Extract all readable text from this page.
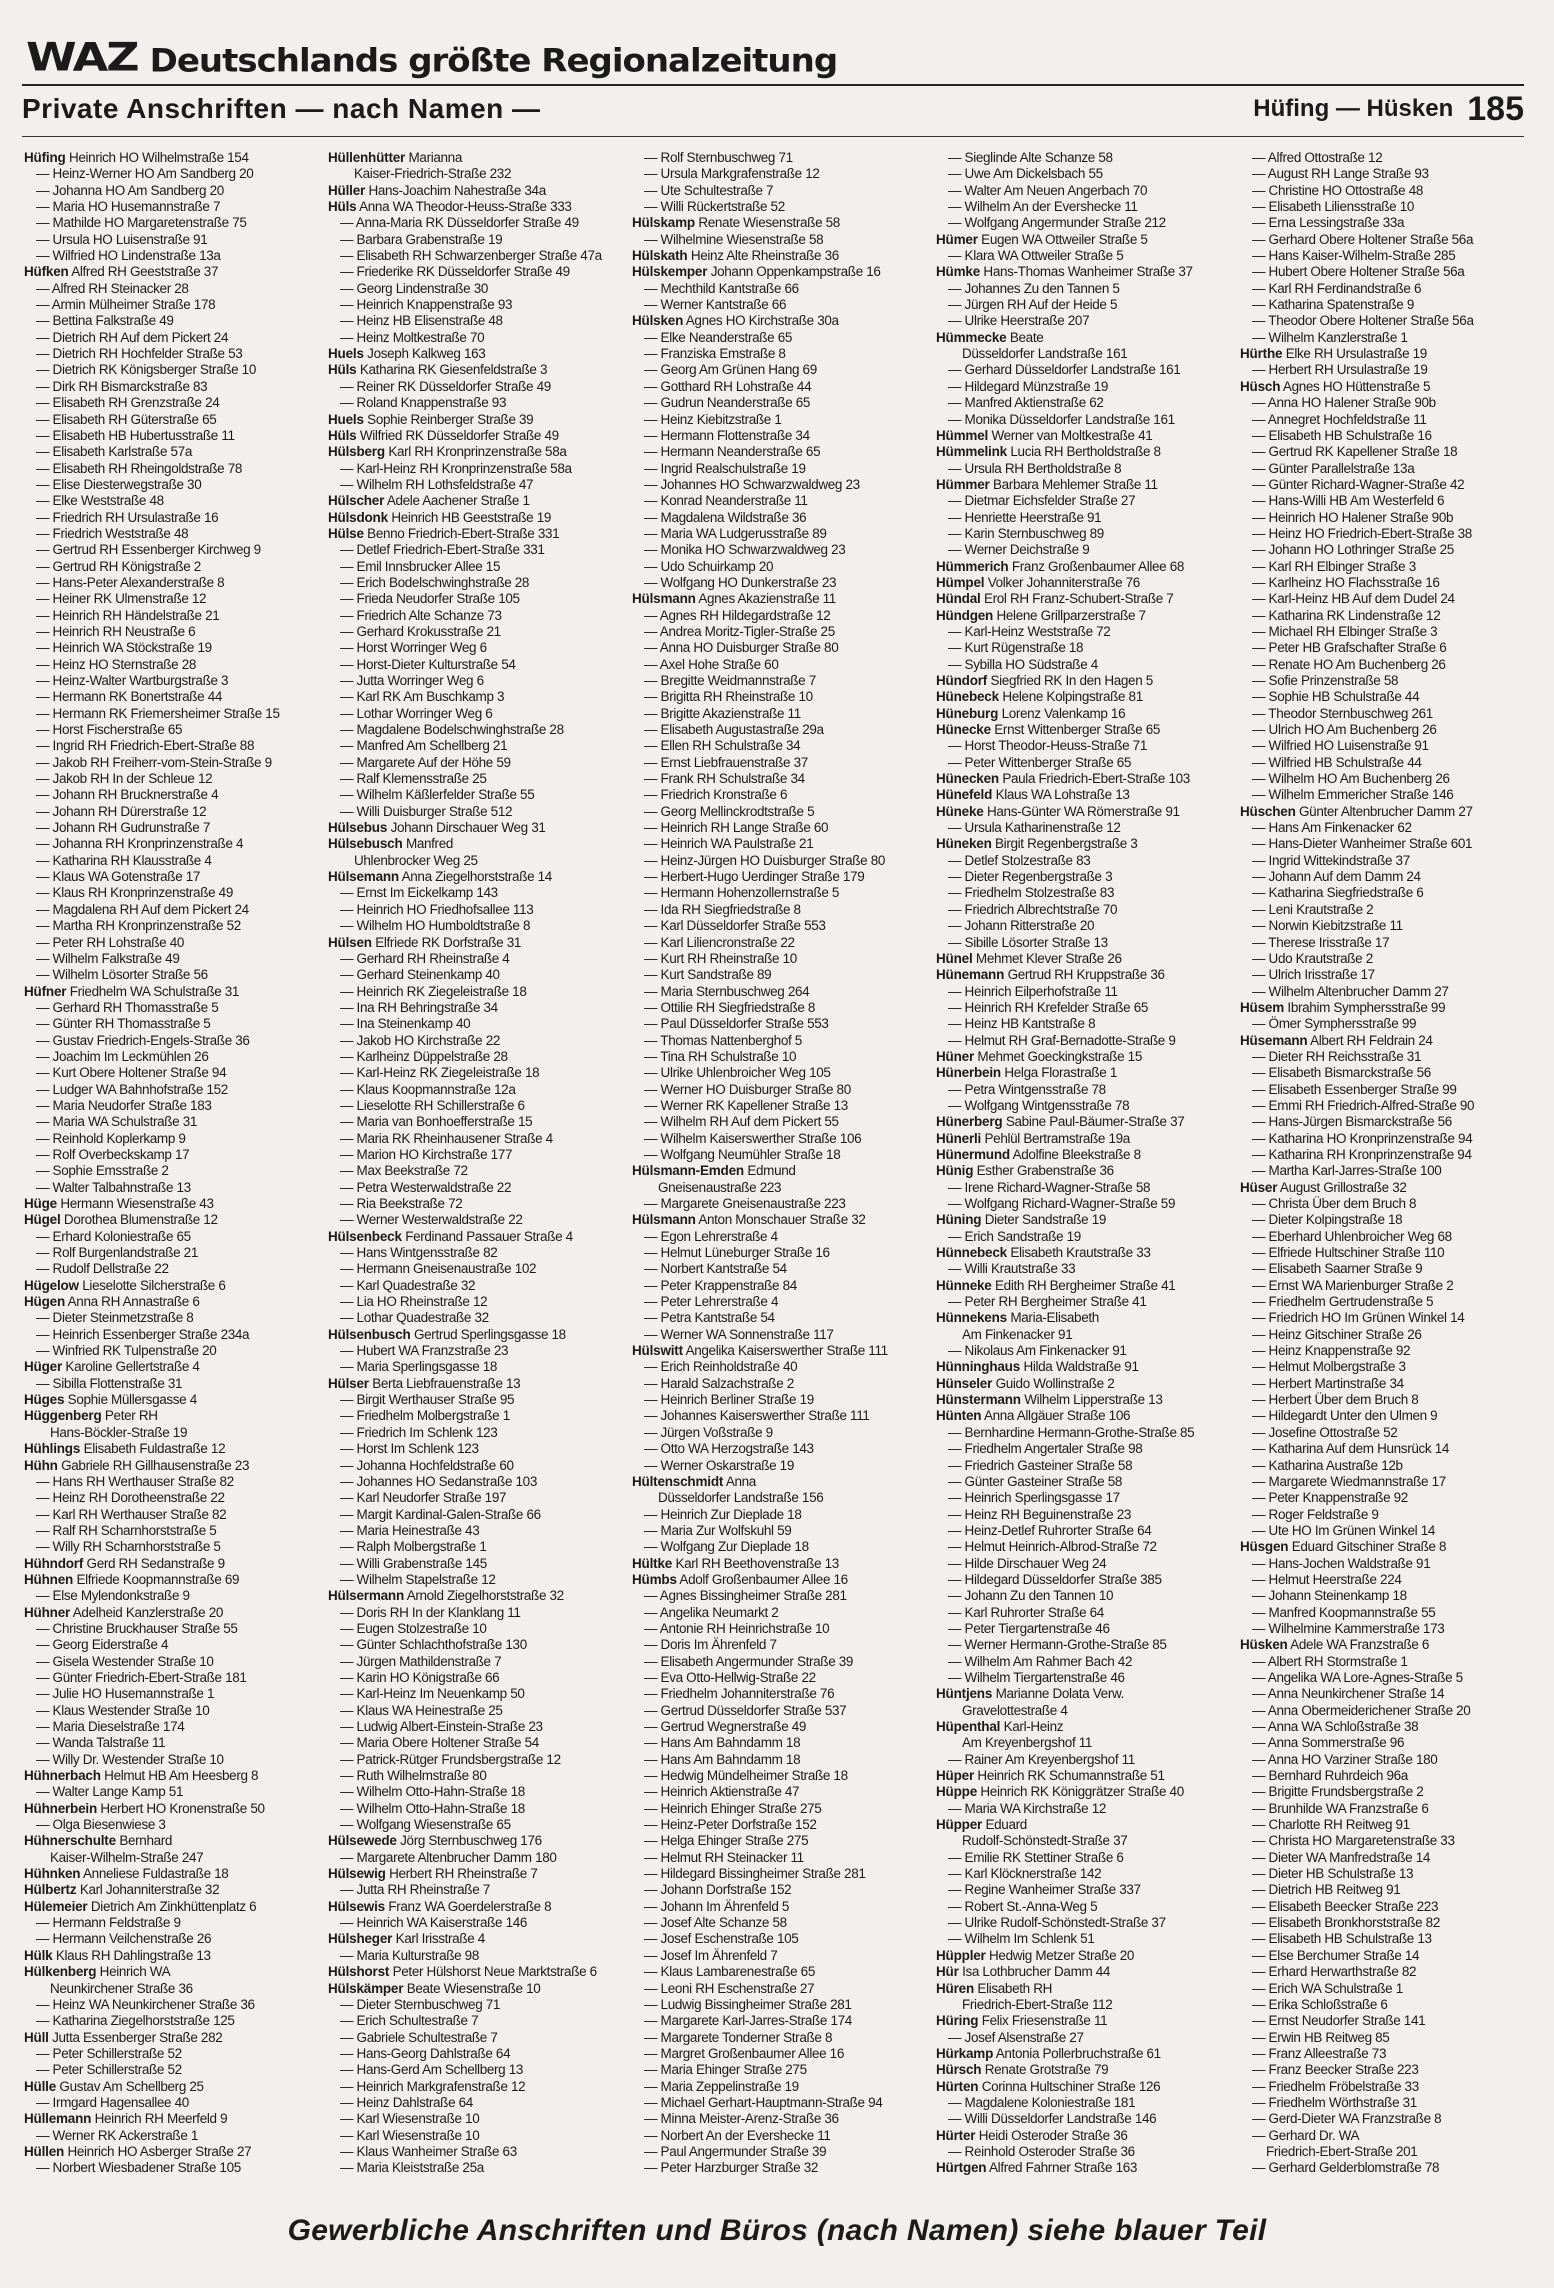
WAZ Deutschlands größte Regionalzeitung
Private Anschriften — nach Namen —	Hüfing — Hüsken 185
Hüfing Heinrich HO Wilhelmstraße 154
— Heinz-Werner HO Am Sandberg 20
— Johanna HO Am Sandberg 20
— Maria HO Husemannstraße 7
— Mathilde HO Margaretenstraße 75
— Ursula HO Luisenstraße 91
— Wilfried HO Lindenstraße 13a
Hüfken Alfred RH Geeststraße 37
— Alfred RH Steinacker 28
— Armin Mülheimer Straße 178
— Bettina Falkstraße 49
— Dietrich RH Auf dem Pickert 24
— Dietrich RH Hochfelder Straße 53
— Dietrich RK Königsberger Straße 10
— Dirk RH Bismarckstraße 83
— Elisabeth RH Grenzstraße 24
— Elisabeth RH Güterstraße 65
— Elisabeth HB Hubertusstraße 11
— Elisabeth Karlstraße 57a
— Elisabeth RH Rheingoldstraße 78
— Elise Diesterwegstraße 30
— Elke Weststraße 48
— Friedrich RH Ursulastraße 16
— Friedrich Weststraße 48
— Gertrud RH Essenberger Kirchweg 9
— Gertrud RH Königstraße 2
— Hans-Peter Alexanderstraße 8
— Heiner RK Ulmenstraße 12
— Heinrich RH Händelstraße 21
— Heinrich RH Neustraße 6
— Heinrich WA Stöckstraße 19
— Heinz HO Sternstraße 28
— Heinz-Walter Wartburgstraße 3
— Hermann RK Bonertstraße 44
— Hermann RK Friemersheimer Straße 15
— Horst Fischerstraße 65
— Ingrid RH Friedrich-Ebert-Straße 88
— Jakob RH Freiherr-vom-Stein-Straße 9
— Jakob RH In der Schleue 12
— Johann RH Brucknerstraße 4
— Johann RH Dürerstraße 12
— Johann RH Gudrunstraße 7
— Johanna RH Kronprinzenstraße 4
— Katharina RH Klausstraße 4
— Klaus WA Gotenstraße 17
— Klaus RH Kronprinzenstraße 49
— Magdalena RH Auf dem Pickert 24
— Martha RH Kronprinzenstraße 52
— Peter RH Lohstraße 40
— Wilhelm Falkstraße 49
— Wilhelm Lösorter Straße 56
Hüfner Friedhelm WA Schulstraße 31
— Gerhard RH Thomasstraße 5
— Günter RH Thomasstraße 5
— Gustav Friedrich-Engels-Straße 36
— Joachim Im Leckmühlen 26
— Kurt Obere Holtener Straße 94
— Ludger WA Bahnhofstraße 152
— Maria Neudorfer Straße 183
— Maria WA Schulstraße 31
— Reinhold Koplerkamp 9
— Rolf Overbeckskamp 17
— Sophie Emsstraße 2
— Walter Talbahnstraße 13
Hüge Hermann Wiesenstraße 43
Hügel Dorothea Blumenstraße 12
— Erhard Koloniestraße 65
— Rolf Burgenlandstraße 21
— Rudolf Dellstraße 22
Hügelow Lieselotte Silcherstraße 6
Hügen Anna RH Annastraße 6
— Dieter Steinmetzstraße 8
— Heinrich Essenberger Straße 234a
— Winfried RK Tulpenstraße 20
Hüger Karoline Gellertstraße 4
— Sibilla Flottenstraße 31
Hüges Sophie Müllersgasse 4
Hüggenberg Peter RH
Hans-Böckler-Straße 19
Hühlings Elisabeth Fuldastraße 12
Hühn Gabriele RH Gillhausenstraße 23
— Hans RH Werthauser Straße 82
— Heinz RH Dorotheenstraße 22
— Karl RH Werthauser Straße 82
— Ralf RH Scharnhorststraße 5
— Willy RH Scharnhorststraße 5
Hühndorf Gerd RH Sedanstraße 9
Hühnen Elfriede Koopmannstraße 69
— Else Mylendonkstraße 9
Hühner Adelheid Kanzlerstraße 20
— Christine Bruckhauser Straße 55
— Georg Eiderstraße 4
— Gisela Westender Straße 10
— Günter Friedrich-Ebert-Straße 181
— Julie HO Husemannstraße 1
— Klaus Westender Straße 10
— Maria Dieselstraße 174
— Wanda Talstraße 11
— Willy Dr. Westender Straße 10
Hühnerbach Helmut HB Am Heesberg 8
— Walter Lange Kamp 51
Hühnerbein Herbert HO Kronenstraße 50
— Olga Biesenwiese 3
Hühnerschulte Bernhard
Kaiser-Wilhelm-Straße 247
Hühnken Anneliese Fuldastraße 18
Hülbertz Karl Johanniterstraße 32
Hülemeier Dietrich Am Zinkhüttenplatz 6
— Hermann Feldstraße 9
— Hermann Veilchenstraße 26
Hülk Klaus RH Dahlingstraße 13
Hülkenberg Heinrich WA
Neunkirchener Straße 36
— Heinz WA Neunkirchener Straße 36
— Katharina Ziegelhorststraße 125
Hüll Jutta Essenberger Straße 282
— Peter Schillerstraße 52
— Peter Schillerstraße 52
Hülle Gustav Am Schellberg 25
— Irmgard Hagensallee 40
Hüllemann Heinrich RH Meerfeld 9
— Werner RK Ackerstraße 1
Hüllen Heinrich HO Asberger Straße 27
— Norbert Wiesbadener Straße 105
Hüllenhütter Marianna
Kaiser-Friedrich-Straße 232
Hüller Hans-Joachim Nahestraße 34a
Hüls Anna WA Theodor-Heuss-Straße 333
— Anna-Maria RK Düsseldorfer Straße 49
— Barbara Grabenstraße 19
— Elisabeth RH Schwarzenberger Straße 47a
— Friederike RK Düsseldorfer Straße 49
— Georg Lindenstraße 30
— Heinrich Knappenstraße 93
— Heinz HB Elisenstraße 48
— Heinz Moltkestraße 70
Huels Joseph Kalkweg 163
Hüls Katharina RK Giesenfeldstraße 3
— Reiner RK Düsseldorfer Straße 49
— Roland Knappenstraße 93
Huels Sophie Reinberger Straße 39
Hüls Wilfried RK Düsseldorfer Straße 49
Hülsberg Karl RH Kronprinzenstraße 58a
— Karl-Heinz RH Kronprinzenstraße 58a
— Wilhelm RH Lothsfeldstraße 47
Hülscher Adele Aachener Straße 1
Hülsdonk Heinrich HB Geeststraße 19
Hülse Benno Friedrich-Ebert-Straße 331
— Detlef Friedrich-Ebert-Straße 331
— Emil Innsbrucker Allee 15
— Erich Bodelschwinghstraße 28
— Frieda Neudorfer Straße 105
— Friedrich Alte Schanze 73
— Gerhard Krokusstraße 21
— Horst Worringer Weg 6
— Horst-Dieter Kulturstraße 54
— Jutta Worringer Weg 6
— Karl RK Am Buschkamp 3
— Lothar Worringer Weg 6
— Magdalene Bodelschwinghstraße 28
— Manfred Am Schellberg 21
— Margarete Auf der Höhe 59
— Ralf Klemensstraße 25
— Wilhelm Käßlerfelder Straße 55
— Willi Duisburger Straße 512
Hülsebus Johann Dirschauer Weg 31
Hülsebusch Manfred
Uhlenbrocker Weg 25
Hülsemann Anna Ziegelhorststraße 14
— Ernst Im Eickelkamp 143
— Heinrich HO Friedhofsallee 113
— Wilhelm HO Humboldtstraße 8
Hülsen Elfriede RK Dorfstraße 31
— Gerhard RH Rheinstraße 4
— Gerhard Steinenkamp 40
— Heinrich RK Ziegeleistraße 18
— Ina RH Behringstraße 34
— Ina Steinenkamp 40
— Jakob HO Kirchstraße 22
— Karlheinz Düppelstraße 28
— Karl-Heinz RK Ziegeleistraße 18
— Klaus Koopmannstraße 12a
— Lieselotte RH Schillerstraße 6
— Maria van Bonhoefferstraße 15
— Maria RK Rheinhausener Straße 4
— Marion HO Kirchstraße 177
— Max Beekstraße 72
— Petra Westerwaldstraße 22
— Ria Beekstraße 72
— Werner Westerwaldstraße 22
Hülsenbeck Ferdinand Passauer Straße 4
— Hans Wintgensstraße 82
— Hermann Gneisenaustraße 102
— Karl Quadestraße 32
— Lia HO Rheinstraße 12
— Lothar Quadestraße 32
Hülsenbusch Gertrud Sperlingsgasse 18
— Hubert WA Franzstraße 23
— Maria Sperlingsgasse 18
Hülser Berta Liebfrauenstraße 13
— Birgit Werthauser Straße 95
— Friedhelm Molbergstraße 1
— Friedrich Im Schlenk 123
— Horst Im Schlenk 123
— Johanna Hochfeldstraße 60
— Johannes HO Sedanstraße 103
— Karl Neudorfer Straße 197
— Margit Kardinal-Galen-Straße 66
— Maria Heinestraße 43
— Ralph Molbergstraße 1
— Willi Grabenstraße 145
— Wilhelm Stapelstraße 12
Hülsermann Arnold Ziegelhorststraße 32
— Doris RH In der Klanklang 11
— Eugen Stolzestraße 10
— Günter Schlachthofstraße 130
— Jürgen Mathildenstraße 7
— Karin HO Königstraße 66
— Karl-Heinz Im Neuenkamp 50
— Klaus WA Heinestraße 25
— Ludwig Albert-Einstein-Straße 23
— Maria Obere Holtener Straße 54
— Patrick-Rütger Frundsbergstraße 12
— Ruth Wilhelmstraße 80
— Wilhelm Otto-Hahn-Straße 18
— Wilhelm Otto-Hahn-Straße 18
— Wolfgang Wiesenstraße 65
Hülsewede Jörg Sternbuschweg 176
— Margarete Altenbrucher Damm 180
Hülsewig Herbert RH Rheinstraße 7
— Jutta RH Rheinstraße 7
Hülsewis Franz WA Goerdelerstraße 8
— Heinrich WA Kaiserstraße 146
Hülsheger Karl Irisstraße 4
— Maria Kulturstraße 98
Hülshorst Peter Hülshorst Neue Marktstraße 6
Hülskämper Beate Wiesenstraße 10
— Dieter Sternbuschweg 71
— Erich Schultestraße 7
— Gabriele Schultestraße 7
— Hans-Georg Dahlstraße 64
— Hans-Gerd Am Schellberg 13
— Heinrich Markgrafenstraße 12
— Heinz Dahlstraße 64
— Karl Wiesenstraße 10
— Karl Wiesenstraße 10
— Klaus Wanheimer Straße 63
— Maria Kleiststraße 25a
— Rolf Sternbuschweg 71
— Ursula Markgrafenstraße 12
— Ute Schultestraße 7
— Willi Rückertstraße 52
Hülskamp Renate Wiesenstraße 58
— Wilhelmine Wiesenstraße 58
Hülskath Heinz Alte Rheinstraße 36
Hülskemper Johann Oppenkampstraße 16
— Mechthild Kantstraße 66
— Werner Kantstraße 66
Hülsken Agnes HO Kirchstraße 30a
— Elke Neanderstraße 65
— Franziska Emstraße 8
— Georg Am Grünen Hang 69
— Gotthard RH Lohstraße 44
— Gudrun Neanderstraße 65
— Heinz Kiebitzstraße 1
— Hermann Flottenstraße 34
— Hermann Neanderstraße 65
— Ingrid Realschulstraße 19
— Johannes HO Schwarzwaldweg 23
— Konrad Neanderstraße 11
— Magdalena Wildstraße 36
— Maria WA Ludgerusstraße 89
— Monika HO Schwarzwaldweg 23
— Udo Schuirkamp 20
— Wolfgang HO Dunkerstraße 23
Hülsmann Agnes Akazienstraße 11
— Agnes RH Hildegardstraße 12
— Andrea Moritz-Tigler-Straße 25
— Anna HO Duisburger Straße 80
— Axel Hohe Straße 60
— Bregitte Weidmannstraße 7
— Brigitta RH Rheinstraße 10
— Brigitte Akazienstraße 11
— Elisabeth Augustastraße 29a
— Ellen RH Schulstraße 34
— Ernst Liebfrauenstraße 37
— Frank RH Schulstraße 34
— Friedrich Kronstraße 6
— Georg Mellinckrodtstraße 5
— Heinrich RH Lange Straße 60
— Heinrich WA Paulstraße 21
— Heinz-Jürgen HO Duisburger Straße 80
— Herbert-Hugo Uerdinger Straße 179
— Hermann Hohenzollernstraße 5
— Ida RH Siegfriedstraße 8
— Karl Düsseldorfer Straße 553
— Karl Liliencronstraße 22
— Kurt RH Rheinstraße 10
— Kurt Sandstraße 89
— Maria Sternbuschweg 264
— Ottilie RH Siegfriedstraße 8
— Paul Düsseldorfer Straße 553
— Thomas Nattenberghof 5
— Tina RH Schulstraße 10
— Ulrike Uhlenbroicher Weg 105
— Werner HO Duisburger Straße 80
— Werner RK Kapellener Straße 13
— Wilhelm RH Auf dem Pickert 55
— Wilhelm Kaiserswerther Straße 106
— Wolfgang Neumühler Straße 18
Hülsmann-Emden Edmund
Gneisenaustraße 223
— Margarete Gneisenaustraße 223
Hülsmann Anton Monschauer Straße 32
— Egon Lehrerstraße 4
— Helmut Lüneburger Straße 16
— Norbert Kantstraße 54
— Peter Krappenstraße 84
— Peter Lehrerstraße 4
— Petra Kantstraße 54
— Werner WA Sonnenstraße 117
Hülswitt Angelika Kaiserswerther Straße 111
— Erich Reinholdstraße 40
— Harald Salzachstraße 2
— Heinrich Berliner Straße 19
— Johannes Kaiserswerther Straße 111
— Jürgen Voßstraße 9
— Otto WA Herzogstraße 143
— Werner Oskarstraße 19
Hültenschmidt Anna
Düsseldorfer Landstraße 156
— Heinrich Zur Dieplade 18
— Maria Zur Wolfskuhl 59
— Wolfgang Zur Dieplade 18
Hültke Karl RH Beethovenstraße 13
Hümbs Adolf Großenbaumer Allee 16
— Agnes Bissingheimer Straße 281
— Angelika Neumarkt 2
— Antonie RH Heinrichstraße 10
— Doris Im Ährenfeld 7
— Elisabeth Angermunder Straße 39
— Eva Otto-Hellwig-Straße 22
— Friedhelm Johanniterstraße 76
— Gertrud Düsseldorfer Straße 537
— Gertrud Wegnerstraße 49
— Hans Am Bahndamm 18
— Hans Am Bahndamm 18
— Hedwig Mündelheimer Straße 18
— Heinrich Aktienstraße 47
— Heinrich Ehinger Straße 275
— Heinz-Peter Dorfstraße 152
— Helga Ehinger Straße 275
— Helmut RH Steinacker 11
— Hildegard Bissingheimer Straße 281
— Johann Dorfstraße 152
— Johann Im Ährenfeld 5
— Josef Alte Schanze 58
— Josef Eschenstraße 105
— Josef Im Ährenfeld 7
— Klaus Lambarenestraße 65
— Leoni RH Eschenstraße 27
— Ludwig Bissingheimer Straße 281
— Margarete Karl-Jarres-Straße 174
— Margarete Tonderner Straße 8
— Margret Großenbaumer Allee 16
— Maria Ehinger Straße 275
— Maria Zeppelinstraße 19
— Michael Gerhart-Hauptmann-Straße 94
— Minna Meister-Arenz-Straße 36
— Norbert An der Evershecke 11
— Paul Angermunder Straße 39
— Peter Harzburger Straße 32
— Sieglinde Alte Schanze 58
— Uwe Am Dickelsbach 55
— Walter Am Neuen Angerbach 70
— Wilhelm An der Evershecke 11
— Wolfgang Angermunder Straße 212
Hümer Eugen WA Ottweiler Straße 5
— Klara WA Ottweiler Straße 5
Hümke Hans-Thomas Wanheimer Straße 37
— Johannes Zu den Tannen 5
— Jürgen RH Auf der Heide 5
— Ulrike Heerstraße 207
Hümmecke Beate
Düsseldorfer Landstraße 161
— Gerhard Düsseldorfer Landstraße 161
— Hildegard Münzstraße 19
— Manfred Aktienstraße 62
— Monika Düsseldorfer Landstraße 161
Hümmel Werner van Moltkestraße 41
Hümmelink Lucia RH Bertholdstraße 8
— Ursula RH Bertholdstraße 8
Hümmer Barbara Mehlemer Straße 11
— Dietmar Eichsfelder Straße 27
— Henriette Heerstraße 91
— Karin Sternbuschweg 89
— Werner Deichstraße 9
Hümmerich Franz Großenbaumer Allee 68
Hümpel Volker Johanniterstraße 76
Hündal Erol RH Franz-Schubert-Straße 7
Hündgen Helene Grillparzerstraße 7
— Karl-Heinz Weststraße 72
— Kurt Rügenstraße 18
— Sybilla HO Südstraße 4
Hündorf Siegfried RK In den Hagen 5
Hünebeck Helene Kolpingstraße 81
Hüneburg Lorenz Valenkamp 16
Hünecke Ernst Wittenberger Straße 65
— Horst Theodor-Heuss-Straße 71
— Peter Wittenberger Straße 65
Hünecken Paula Friedrich-Ebert-Straße 103
Hünefeld Klaus WA Lohstraße 13
Hüneke Hans-Günter WA Römerstraße 91
— Ursula Katharinenstraße 12
Hüneken Birgit Regenbergstraße 3
— Detlef Stolzestraße 83
— Dieter Regenbergstraße 3
— Friedhelm Stolzestraße 83
— Friedrich Albrechtstraße 70
— Johann Ritterstraße 20
— Sibille Lösorter Straße 13
Hünel Mehmet Klever Straße 26
Hünemann Gertrud RH Kruppstraße 36
— Heinrich Eilperhofstraße 11
— Heinrich RH Krefelder Straße 65
— Heinz HB Kantstraße 8
— Helmut RH Graf-Bernadotte-Straße 9
Hüner Mehmet Goeckingkstraße 15
Hünerbein Helga Florastraße 1
— Petra Wintgensstraße 78
— Wolfgang Wintgensstraße 78
Hünerberg Sabine Paul-Bäumer-Straße 37
Hünerli Pehlül Bertramstraße 19a
Hünermund Adolfine Bleekstraße 8
Hünig Esther Grabenstraße 36
— Irene Richard-Wagner-Straße 58
— Wolfgang Richard-Wagner-Straße 59
Hüning Dieter Sandstraße 19
— Erich Sandstraße 19
Hünnebeck Elisabeth Krautstraße 33
— Willi Krautstraße 33
Hünneke Edith RH Bergheimer Straße 41
— Peter RH Bergheimer Straße 41
Hünnekens Maria-Elisabeth
Am Finkenacker 91
— Nikolaus Am Finkenacker 91
Hünninghaus Hilda Waldstraße 91
Hünseler Guido Wollinstraße 2
Hünstermann Wilhelm Lipperstraße 13
Hünten Anna Allgäuer Straße 106
— Bernhardine Hermann-Grothe-Straße 85
— Friedhelm Angertaler Straße 98
— Friedrich Gasteiner Straße 58
— Günter Gasteiner Straße 58
— Heinrich Sperlingsgasse 17
— Heinz RH Beguinenstraße 23
— Heinz-Detlef Ruhrorter Straße 64
— Helmut Heinrich-Albrod-Straße 72
— Hilde Dirschauer Weg 24
— Hildegard Düsseldorfer Straße 385
— Johann Zu den Tannen 10
— Karl Ruhrorter Straße 64
— Peter Tiergartenstraße 46
— Werner Hermann-Grothe-Straße 85
— Wilhelm Am Rahmer Bach 42
— Wilhelm Tiergartenstraße 46
Hüntjens Marianne Dolata Verw.
Gravelottestraße 4
Hüpenthal Karl-Heinz
Am Kreyenbergshof 11
— Rainer Am Kreyenbergshof 11
Hüper Heinrich RK Schumannstraße 51
Hüppe Heinrich RK Königgrätzer Straße 40
— Maria WA Kirchstraße 12
Hüpper Eduard
Rudolf-Schönstedt-Straße 37
— Emilie RK Stettiner Straße 6
— Karl Klöcknerstraße 142
— Regine Wanheimer Straße 337
— Robert St.-Anna-Weg 5
— Ulrike Rudolf-Schönstedt-Straße 37
— Wilhelm Im Schlenk 51
Hüppler Hedwig Metzer Straße 20
Hür Isa Lothbrucher Damm 44
Hüren Elisabeth RH
Friedrich-Ebert-Straße 112
Hüring Felix Friesenstraße 11
— Josef Alsenstraße 27
Hürkamp Antonia Pollerbruchstraße 61
Hürsch Renate Grotstraße 79
Hürten Corinna Hultschiner Straße 126
— Magdalene Koloniestraße 181
— Willi Düsseldorfer Landstraße 146
Hürter Heidi Osteroder Straße 36
— Reinhold Osteroder Straße 36
Hürtgen Alfred Fahrner Straße 163
— Alfred Ottostraße 12
— August RH Lange Straße 93
— Christine HO Ottostraße 48
— Elisabeth Liliensstraße 10
— Erna Lessingstraße 33a
— Gerhard Obere Holtener Straße 56a
— Hans Kaiser-Wilhelm-Straße 285
— Hubert Obere Holtener Straße 56a
— Karl RH Ferdinandstraße 6
— Katharina Spatenstraße 9
— Theodor Obere Holtener Straße 56a
— Wilhelm Kanzlerstraße 1
Hürthe Elke RH Ursulastraße 19
— Herbert RH Ursulastraße 19
Hüsch Agnes HO Hüttenstraße 5
— Anna HO Halener Straße 90b
— Annegret Hochfeldstraße 11
— Elisabeth HB Schulstraße 16
— Gertrud RK Kapellener Straße 18
— Günter Parallelstraße 13a
— Günter Richard-Wagner-Straße 42
— Hans-Willi HB Am Westerfeld 6
— Heinrich HO Halener Straße 90b
— Heinz HO Friedrich-Ebert-Straße 38
— Johann HO Lothringer Straße 25
— Karl RH Elbinger Straße 3
— Karlheinz HO Flachsstraße 16
— Karl-Heinz HB Auf dem Dudel 24
— Katharina RK Lindenstraße 12
— Michael RH Elbinger Straße 3
— Peter HB Grafschafter Straße 6
— Renate HO Am Buchenberg 26
— Sofie Prinzenstraße 58
— Sophie HB Schulstraße 44
— Theodor Sternbuschweg 261
— Ulrich HO Am Buchenberg 26
— Wilfried HO Luisenstraße 91
— Wilfried HB Schulstraße 44
— Wilhelm HO Am Buchenberg 26
— Wilhelm Emmericher Straße 146
Hüschen Günter Altenbrucher Damm 27
— Hans Am Finkenacker 62
— Hans-Dieter Wanheimer Straße 601
— Ingrid Wittekindstraße 37
— Johann Auf dem Damm 24
— Katharina Siegfriedstraße 6
— Leni Krautstraße 2
— Norwin Kiebitzstraße 11
— Therese Irisstraße 17
— Udo Krautstraße 2
— Ulrich Irisstraße 17
— Wilhelm Altenbrucher Damm 27
Hüsem Ibrahim Symphersstraße 99
— Ömer Symphersstraße 99
Hüsemann Albert RH Feldrain 24
— Dieter RH Reichsstraße 31
— Elisabeth Bismarckstraße 56
— Elisabeth Essenberger Straße 99
— Emmi RH Friedrich-Alfred-Straße 90
— Hans-Jürgen Bismarckstraße 56
— Katharina HO Kronprinzenstraße 94
— Katharina RH Kronprinzenstraße 94
— Martha Karl-Jarres-Straße 100
Hüser August Grillostraße 32
— Christa Über dem Bruch 8
— Dieter Kolpingstraße 18
— Eberhard Uhlenbroicher Weg 68
— Elfriede Hultschiner Straße 110
— Elisabeth Saarner Straße 9
— Ernst WA Marienburger Straße 2
— Friedhelm Gertrudenstraße 5
— Friedrich HO Im Grünen Winkel 14
— Heinz Gitschiner Straße 26
— Heinz Knappenstraße 92
— Helmut Molbergstraße 3
— Herbert Martinstraße 34
— Herbert Über dem Bruch 8
— Hildegardt Unter den Ulmen 9
— Josefine Ottostraße 52
— Katharina Auf dem Hunsrück 14
— Katharina Austraße 12b
— Margarete Wiedmannstraße 17
— Peter Knappenstraße 92
— Roger Feldstraße 9
— Ute HO Im Grünen Winkel 14
Hüsgen Eduard Gitschiner Straße 8
— Hans-Jochen Waldstraße 91
— Helmut Heerstraße 224
— Johann Steinenkamp 18
— Manfred Koopmannstraße 55
— Wilhelmine Kammerstraße 173
Hüsken Adele WA Franzstraße 6
— Albert RH Stormstraße 1
— Angelika WA Lore-Agnes-Straße 5
— Anna Neunkirchener Straße 14
— Anna Obermeiderichener Straße 20
— Anna WA Schloßstraße 38
— Anna Sommerstraße 96
— Anna HO Varziner Straße 180
— Bernhard Ruhrdeich 96a
— Brigitte Frundsbergstraße 2
— Brunhilde WA Franzstraße 6
— Charlotte RH Reitweg 91
— Christa HO Margaretenstraße 33
— Dieter WA Manfredstraße 14
— Dieter HB Schulstraße 13
— Dietrich HB Reitweg 91
— Elisabeth Beecker Straße 223
— Elisabeth Bronkhorststraße 82
— Elisabeth HB Schulstraße 13
— Else Berchumer Straße 14
— Erhard Herwarthstraße 82
— Erich WA Schulstraße 1
— Erika Schloßstraße 6
— Ernst Neudorfer Straße 141
— Erwin HB Reitweg 85
— Franz Alleestraße 73
— Franz Beecker Straße 223
— Friedhelm Fröbelstraße 33
— Friedhelm Wörthstraße 31
— Gerd-Dieter WA Franzstraße 8
— Gerhard Dr. WA
Friedrich-Ebert-Straße 201
— Gerhard Gelderblomstraße 78
Gewerbliche Anschriften und Büros (nach Namen) siehe blauer Teil
